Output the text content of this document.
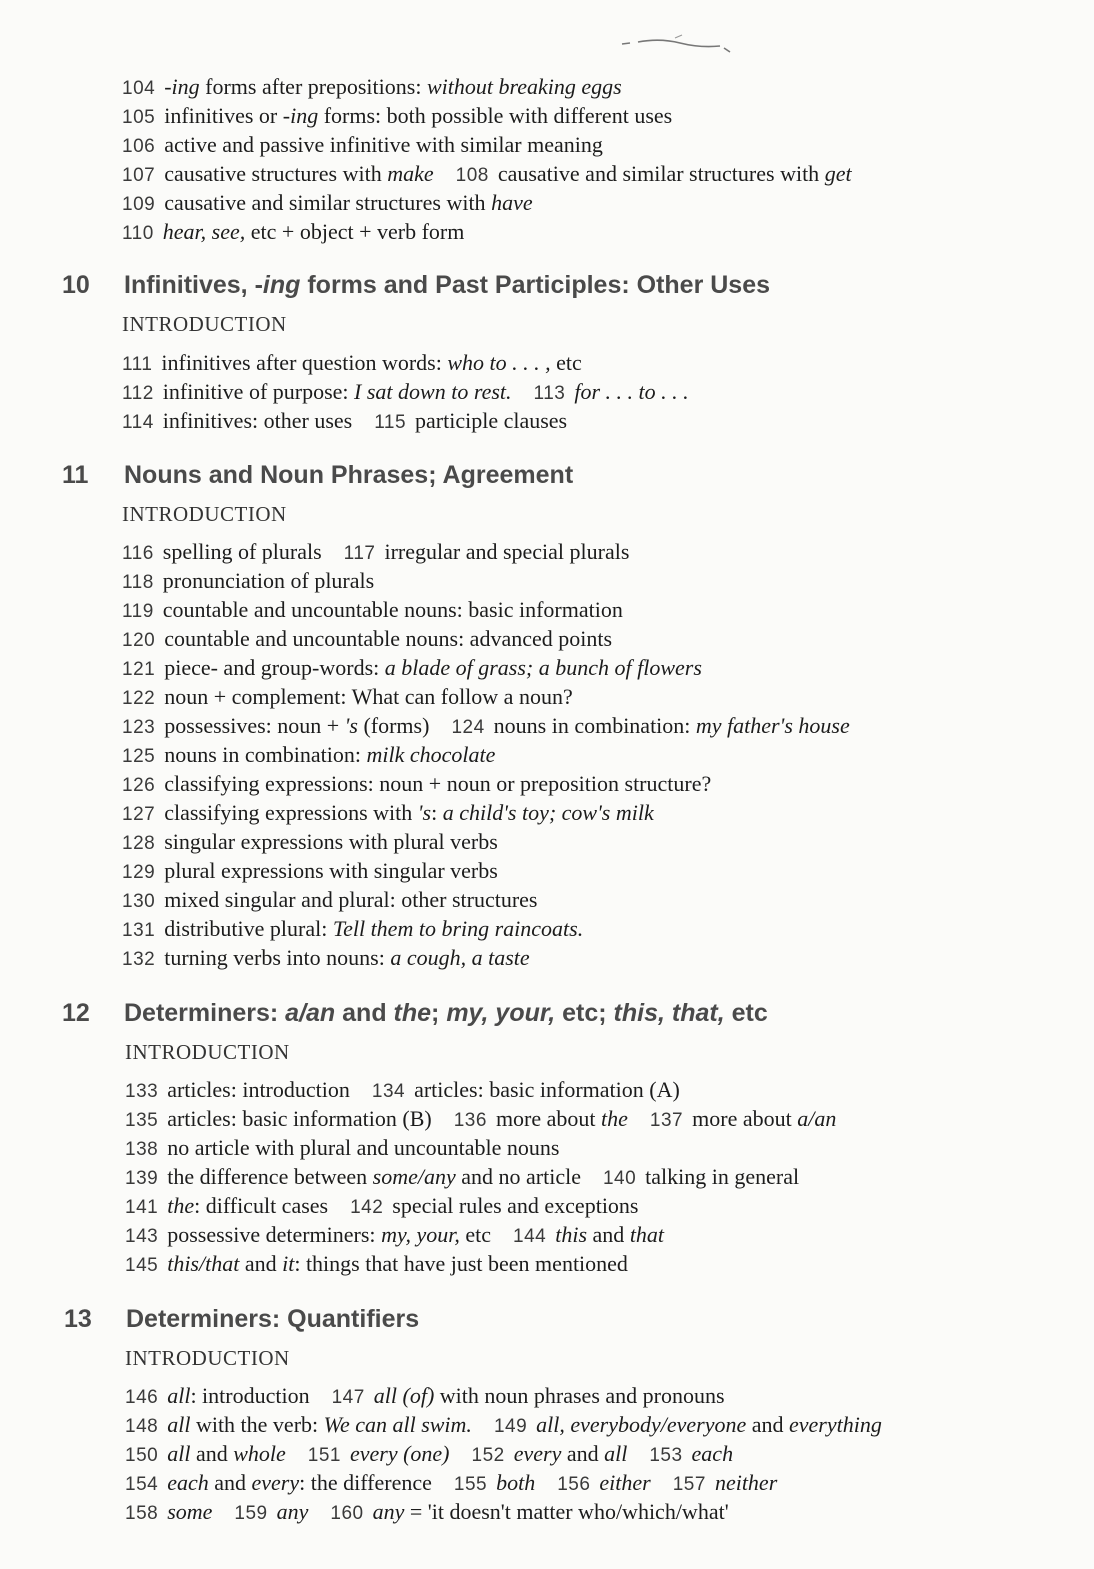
104 -ing forms after prepositions: without breaking eggs
105 infinitives or -ing forms: both possible with different uses
106 active and passive infinitive with similar meaning
107 causative structures with make 108 causative and similar structures with get
109 causative and similar structures with have
110 hear, see, etc + object + verb form
10 Infinitives, -ing forms and Past Participles: Other Uses
INTRODUCTION
111 infinitives after question words: who to . . . , etc
112 infinitive of purpose: I sat down to rest. 113 for . . . to . . .
114 infinitives: other uses 115 participle clauses
11 Nouns and Noun Phrases; Agreement
INTRODUCTION
116 spelling of plurals 117 irregular and special plurals
118 pronunciation of plurals
119 countable and uncountable nouns: basic information
120 countable and uncountable nouns: advanced points
121 piece- and group-words: a blade of grass; a bunch of flowers
122 noun + complement: What can follow a noun?
123 possessives: noun + 's (forms) 124 nouns in combination: my father's house
125 nouns in combination: milk chocolate
126 classifying expressions: noun + noun or preposition structure?
127 classifying expressions with 's: a child's toy; cow's milk
128 singular expressions with plural verbs
129 plural expressions with singular verbs
130 mixed singular and plural: other structures
131 distributive plural: Tell them to bring raincoats.
132 turning verbs into nouns: a cough, a taste
12 Determiners: a/an and the; my, your, etc; this, that, etc
INTRODUCTION
133 articles: introduction 134 articles: basic information (A)
135 articles: basic information (B) 136 more about the 137 more about a/an
138 no article with plural and uncountable nouns
139 the difference between some/any and no article 140 talking in general
141 the: difficult cases 142 special rules and exceptions
143 possessive determiners: my, your, etc 144 this and that
145 this/that and it: things that have just been mentioned
13 Determiners: Quantifiers
INTRODUCTION
146 all: introduction 147 all (of) with noun phrases and pronouns
148 all with the verb: We can all swim. 149 all, everybody/everyone and everything
150 all and whole 151 every (one) 152 every and all 153 each
154 each and every: the difference 155 both 156 either 157 neither
158 some 159 any 160 any = 'it doesn't matter who/which/what'
